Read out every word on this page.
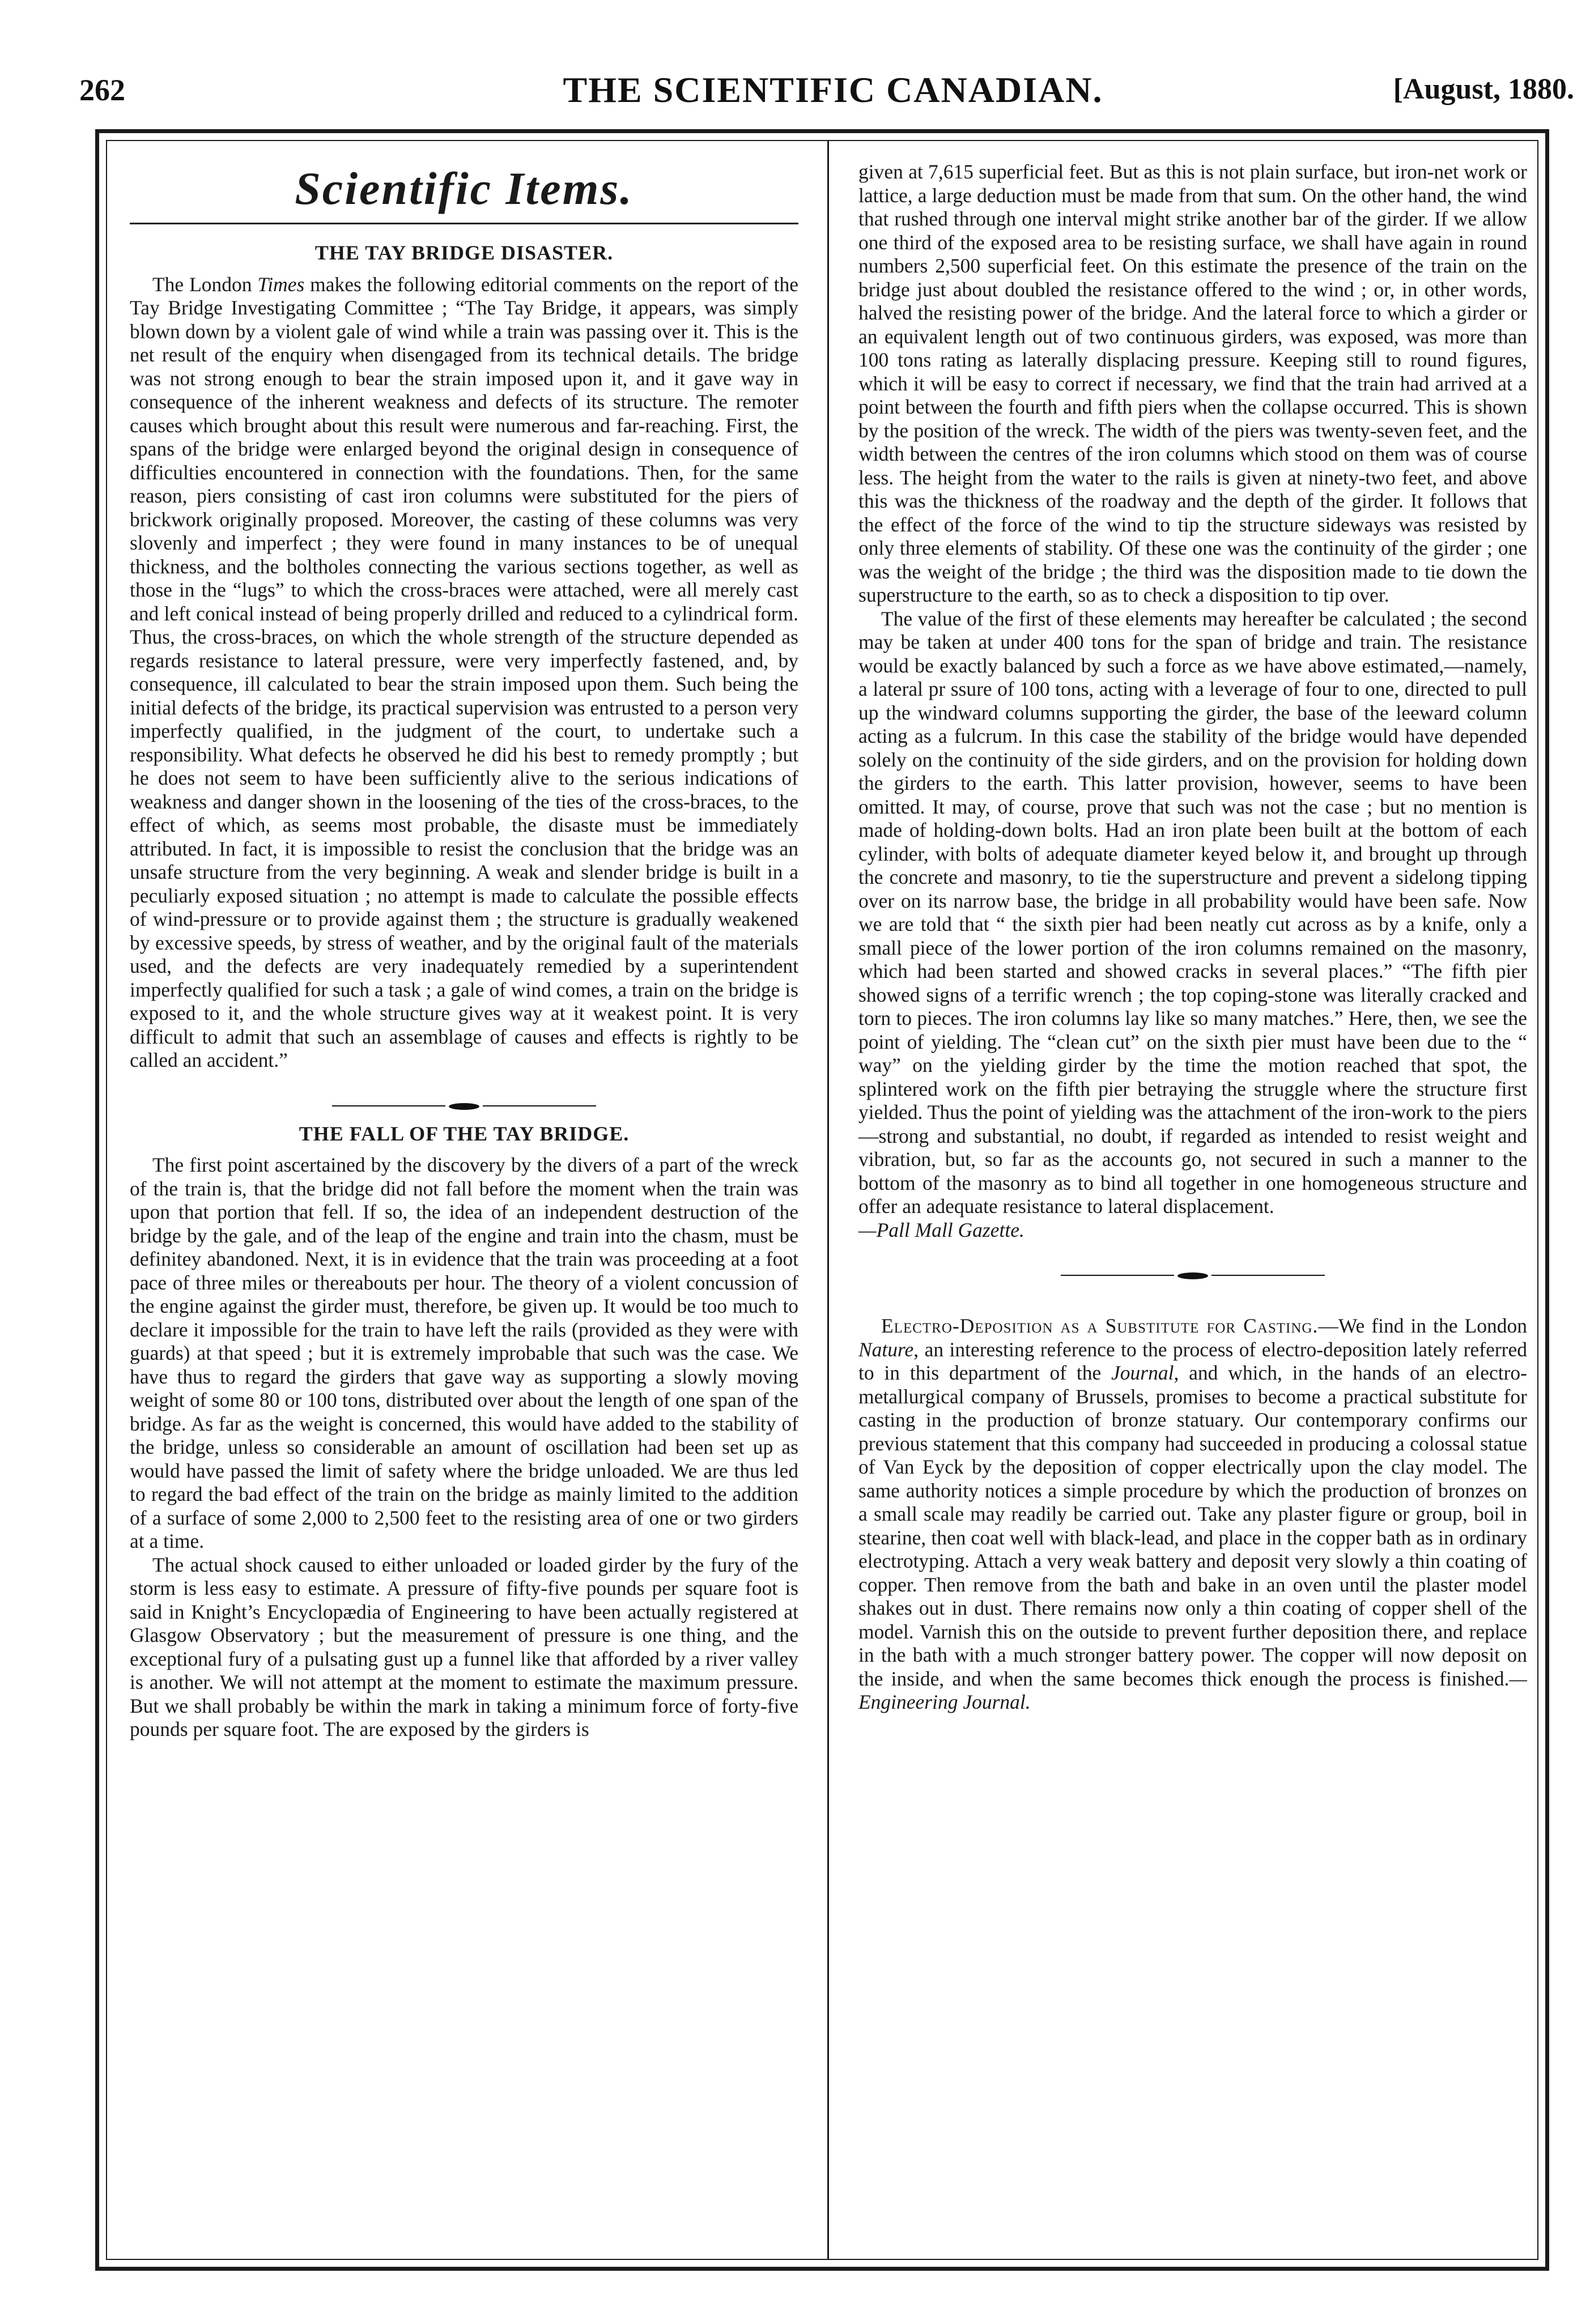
262	THE SCIENTIFIC CANADIAN.	[August, 1880.
Scientific Items.
THE TAY BRIDGE DISASTER.

The London Times makes the following editorial comments on the report of the Tay Bridge Investigating Committee ; “The Tay Bridge, it appears, was simply blown down by a violent gale of wind while a train was passing over it. This is the net result of the enquiry when disengaged from its technical details. The bridge was not strong enough to bear the strain imposed upon it, and it gave way in consequence of the inherent weakness and defects of its structure. The remoter causes which brought about this result were numerous and far-reaching. First, the spans of the bridge were enlarged beyond the original design in consequence of difficulties encountered in connection with the foundations. Then, for the same reason, piers consisting of cast iron columns were substituted for the piers of brickwork originally proposed. Moreover, the casting of these columns was very slovenly and imperfect ; they were found in many instances to be of unequal thickness, and the boltholes connecting the various sections together, as well as those in the “lugs” to which the cross-braces were attached, were all merely cast and left conical instead of being properly drilled and reduced to a cylindrical form. Thus, the cross-braces, on which the whole strength of the structure depended as regards resistance to lateral pressure, were very imperfectly fastened, and, by consequence, ill calculated to bear the strain imposed upon them. Such being the initial defects of the bridge, its practical supervision was entrusted to a person very imperfectly qualified, in the judgment of the court, to undertake such a responsibility. What defects he observed he did his best to remedy promptly ; but he does not seem to have been sufficiently alive to the serious indications of weakness and danger shown in the loosening of the ties of the cross-braces, to the effect of which, as seems most probable, the disaste must be immediately attributed. In fact, it is impossible to resist the conclusion that the bridge was an unsafe structure from the very beginning. A weak and slender bridge is built in a peculiarly exposed situation ; no attempt is made to calculate the possible effects of wind-pressure or to provide against them ; the structure is gradually weakened by excessive speeds, by stress of weather, and by the original fault of the materials used, and the defects are very inadequately remedied by a superintendent imperfectly qualified for such a task ; a gale of wind comes, a train on the bridge is exposed to it, and the whole structure gives way at it weakest point. It is very difficult to admit that such an assemblage of causes and effects is rightly to be called an accident.”

THE FALL OF THE TAY BRIDGE.

The first point ascertained by the discovery by the divers of a part of the wreck of the train is, that the bridge did not fall before the moment when the train was upon that portion that fell. If so, the idea of an independent destruction of the bridge by the gale, and of the leap of the engine and train into the chasm, must be definitey abandoned. Next, it is in evidence that the train was proceeding at a foot pace of three miles or thereabouts per hour. The theory of a violent concussion of the engine against the girder must, therefore, be given up. It would be too much to declare it impossible for the train to have left the rails (provided as they were with guards) at that speed ; but it is extremely improbable that such was the case. We have thus to regard the girders that gave way as supporting a slowly moving weight of some 80 or 100 tons, distributed over about the length of one span of the bridge. As far as the weight is concerned, this would have added to the stability of the bridge, unless so considerable an amount of oscillation had been set up as would have passed the limit of safety where the bridge unloaded. We are thus led to regard the bad effect of the train on the bridge as mainly limited to the addition of a surface of some 2,000 to 2,500 feet to the resisting area of one or two girders at a time.

The actual shock caused to either unloaded or loaded girder by the fury of the storm is less easy to estimate. A pressure of fifty-five pounds per square foot is said in Knight’s Encyclopædia of Engineering to have been actually registered at Glasgow Observatory ; but the measurement of pressure is one thing, and the exceptional fury of a pulsating gust up a funnel like that afforded by a river valley is another. We will not attempt at the moment to estimate the maximum pressure. But we shall probably be within the mark in taking a minimum force of forty-five pounds per square foot. The are exposed by the girders is

given at 7,615 superficial feet. But as this is not plain surface, but iron-net work or lattice, a large deduction must be made from that sum. On the other hand, the wind that rushed through one interval might strike another bar of the girder. If we allow one third of the exposed area to be resisting surface, we shall have again in round numbers 2,500 superficial feet. On this estimate the presence of the train on the bridge just about doubled the resistance offered to the wind ; or, in other words, halved the resisting power of the bridge. And the lateral force to which a girder or an equivalent length out of two continuous girders, was exposed, was more than 100 tons rating as laterally displacing pressure. Keeping still to round figures, which it will be easy to correct if necessary, we find that the train had arrived at a point between the fourth and fifth piers when the collapse occurred. This is shown by the position of the wreck. The width of the piers was twenty-seven feet, and the width between the centres of the iron columns which stood on them was of course less. The height from the water to the rails is given at ninety-two feet, and above this was the thickness of the roadway and the depth of the girder. It follows that the effect of the force of the wind to tip the structure sideways was resisted by only three elements of stability. Of these one was the continuity of the girder ; one was the weight of the bridge ; the third was the disposition made to tie down the superstructure to the earth, so as to check a disposition to tip over.

The value of the first of these elements may hereafter be calculated ; the second may be taken at under 400 tons for the span of bridge and train. The resistance would be exactly balanced by such a force as we have above estimated,—namely, a lateral pr ssure of 100 tons, acting with a leverage of four to one, directed to pull up the windward columns supporting the girder, the base of the leeward column acting as a fulcrum. In this case the stability of the bridge would have depended solely on the continuity of the side girders, and on the provision for holding down the girders to the earth. This latter provision, however, seems to have been omitted. It may, of course, prove that such was not the case ; but no mention is made of holding-down bolts. Had an iron plate been built at the bottom of each cylinder, with bolts of adequate diameter keyed below it, and brought up through the concrete and masonry, to tie the superstructure and prevent a sidelong tipping over on its narrow base, the bridge in all probability would have been safe. Now we are told that “ the sixth pier had been neatly cut across as by a knife, only a small piece of the lower portion of the iron columns remained on the masonry, which had been started and showed cracks in several places.” “The fifth pier showed signs of a terrific wrench ; the top coping-stone was literally cracked and torn to pieces. The iron columns lay like so many matches.” Here, then, we see the point of yielding. The “clean cut” on the sixth pier must have been due to the “ way” on the yielding girder by the time the motion reached that spot, the splintered work on the fifth pier betraying the struggle where the structure first yielded. Thus the point of yielding was the attachment of the iron-work to the piers—strong and substantial, no doubt, if regarded as intended to resist weight and vibration, but, so far as the accounts go, not secured in such a manner to the bottom of the masonry as to bind all together in one homogeneous structure and offer an adequate resistance to lateral displacement.

—Pall Mall Gazette.

Electro-Deposition as a Substitute for Casting.—We find in the London Nature, an interesting reference to the process of electro-deposition lately referred to in this department of the Journal, and which, in the hands of an electro-metallurgical company of Brussels, promises to become a practical substitute for casting in the production of bronze statuary. Our contemporary confirms our previous statement that this company had succeeded in producing a colossal statue of Van Eyck by the deposition of copper electrically upon the clay model. The same authority notices a simple procedure by which the production of bronzes on a small scale may readily be carried out. Take any plaster figure or group, boil in stearine, then coat well with black-lead, and place in the copper bath as in ordinary electrotyping. Attach a very weak battery and deposit very slowly a thin coating of copper. Then remove from the bath and bake in an oven until the plaster model shakes out in dust. There remains now only a thin coating of copper shell of the model. Varnish this on the outside to prevent further deposition there, and replace in the bath with a much stronger battery power. The copper will now deposit on the inside, and when the same becomes thick enough the process is finished.—Engineering Journal.
